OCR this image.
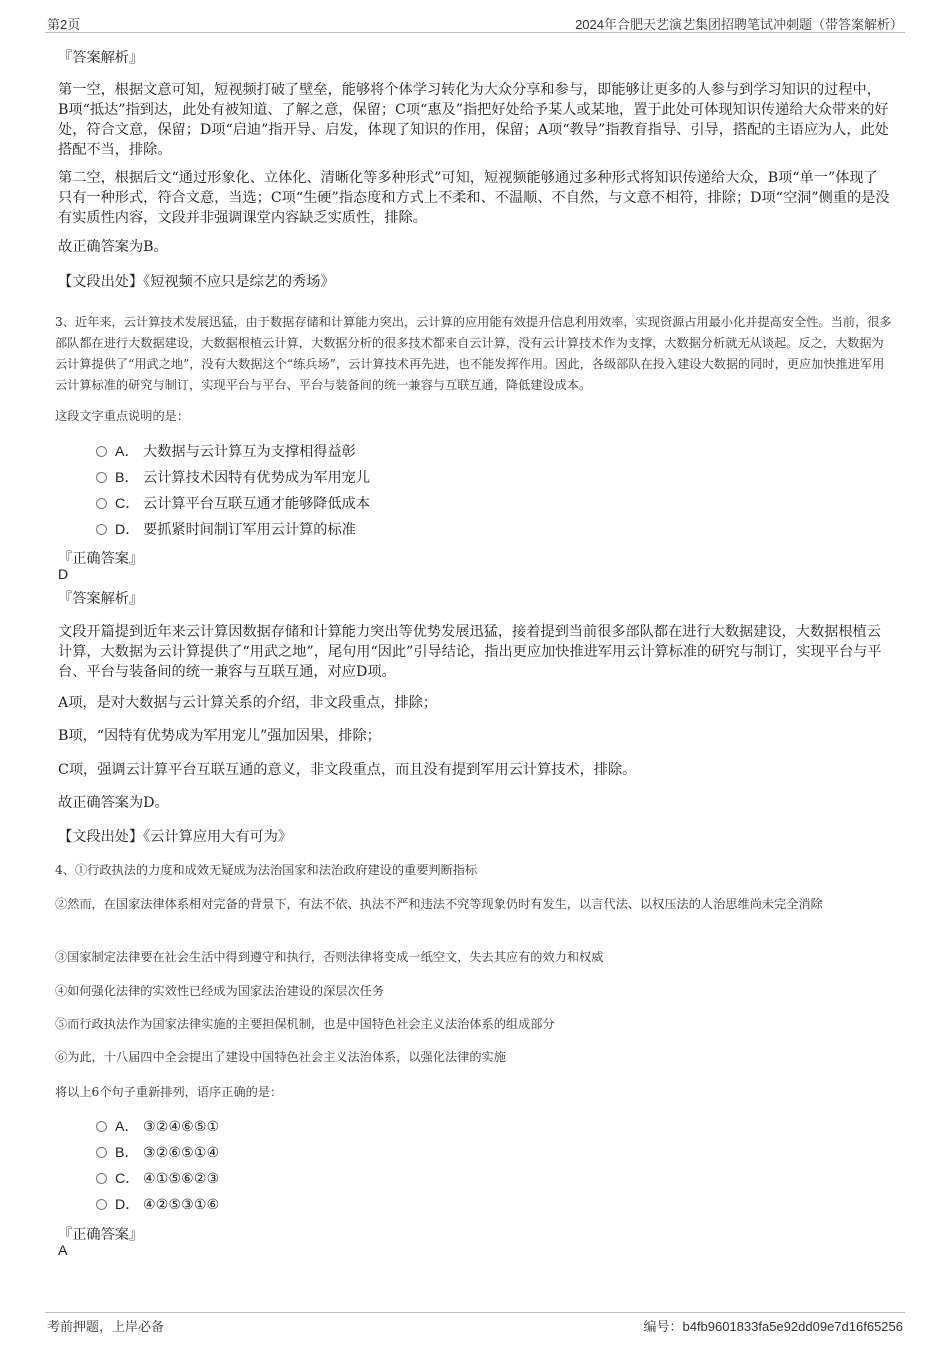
第2页	2024年合肥天艺演艺集团招聘笔试冲刺题（带答案解析）
『答案解析』
第一空，根据文意可知，短视频打破了壁垒，能够将个体学习转化为大众分享和参与，即能够让更多的人参与到学习知识的过程中，B项“抵达”指到达，此处有被知道、了解之意，保留；C项“惠及”指把好处给予某人或某地，置于此处可体现知识传递给大众带来的好处，符合文意，保留；D项“启迪”指开导、启发，体现了知识的作用，保留；A项“教导”指教育指导、引导，搭配的主语应为人，此处搭配不当，排除。
第二空，根据后文“通过形象化、立体化、清晰化等多种形式”可知，短视频能够通过多种形式将知识传递给大众，B项“单一”体现了只有一种形式，符合文意，当选；C项“生硬”指态度和方式上不柔和、不温顺、不自然，与文意不相符，排除；D项“空洞”侧重的是没有实质性内容，文段并非强调课堂内容缺乏实质性，排除。
故正确答案为B。
【文段出处】《短视频不应只是综艺的秀场》
3、近年来，云计算技术发展迅猛，由于数据存储和计算能力突出，云计算的应用能有效提升信息利用效率，实现资源占用最小化并提高安全性。当前，很多部队都在进行大数据建设，大数据根植云计算，大数据分析的很多技术都来自云计算，没有云计算技术作为支撑，大数据分析就无从谈起。反之，大数据为云计算提供了“用武之地”，没有大数据这个“练兵场”，云计算技术再先进，也不能发挥作用。因此，各级部队在投入建设大数据的同时，更应加快推进军用云计算标准的研究与制订，实现平台与平台、平台与装备间的统一兼容与互联互通，降低建设成本。
这段文字重点说明的是：
A． 大数据与云计算互为支撑相得益彰
B． 云计算技术因特有优势成为军用宠儿
C． 云计算平台互联互通才能够降低成本
D． 要抓紧时间制订军用云计算的标准
『正确答案』
D
『答案解析』
文段开篇提到近年来云计算因数据存储和计算能力突出等优势发展迅猛，接着提到当前很多部队都在进行大数据建设，大数据根植云计算，大数据为云计算提供了“用武之地”，尾句用“因此”引导结论，指出更应加快推进军用云计算标准的研究与制订，实现平台与平台、平台与装备间的统一兼容与互联互通，对应D项。
A项，是对大数据与云计算关系的介绍，非文段重点，排除；
B项，“因特有优势成为军用宠儿”强加因果，排除；
C项，强调云计算平台互联互通的意义，非文段重点，而且没有提到军用云计算技术，排除。
故正确答案为D。
【文段出处】《云计算应用大有可为》
4、①行政执法的力度和成效无疑成为法治国家和法治政府建设的重要判断指标
②然而，在国家法律体系相对完备的背景下，有法不依、执法不严和违法不究等现象仍时有发生，以言代法、以权压法的人治思维尚未完全消除
③国家制定法律要在社会生活中得到遵守和执行，否则法律将变成一纸空文，失去其应有的效力和权威
④如何强化法律的实效性已经成为国家法治建设的深层次任务
⑤而行政执法作为国家法律实施的主要担保机制，也是中国特色社会主义法治体系的组成部分
⑥为此，十八届四中全会提出了建设中国特色社会主义法治体系，以强化法律的实施
将以上6个句子重新排列，语序正确的是：
A． ③②④⑥⑤①
B． ③②⑥⑤①④
C． ④①⑤⑥②③
D． ④②⑤③①⑥
『正确答案』
A
考前押题，上岸必备	编号：b4fb9601833fa5e92dd09e7d16f65256
